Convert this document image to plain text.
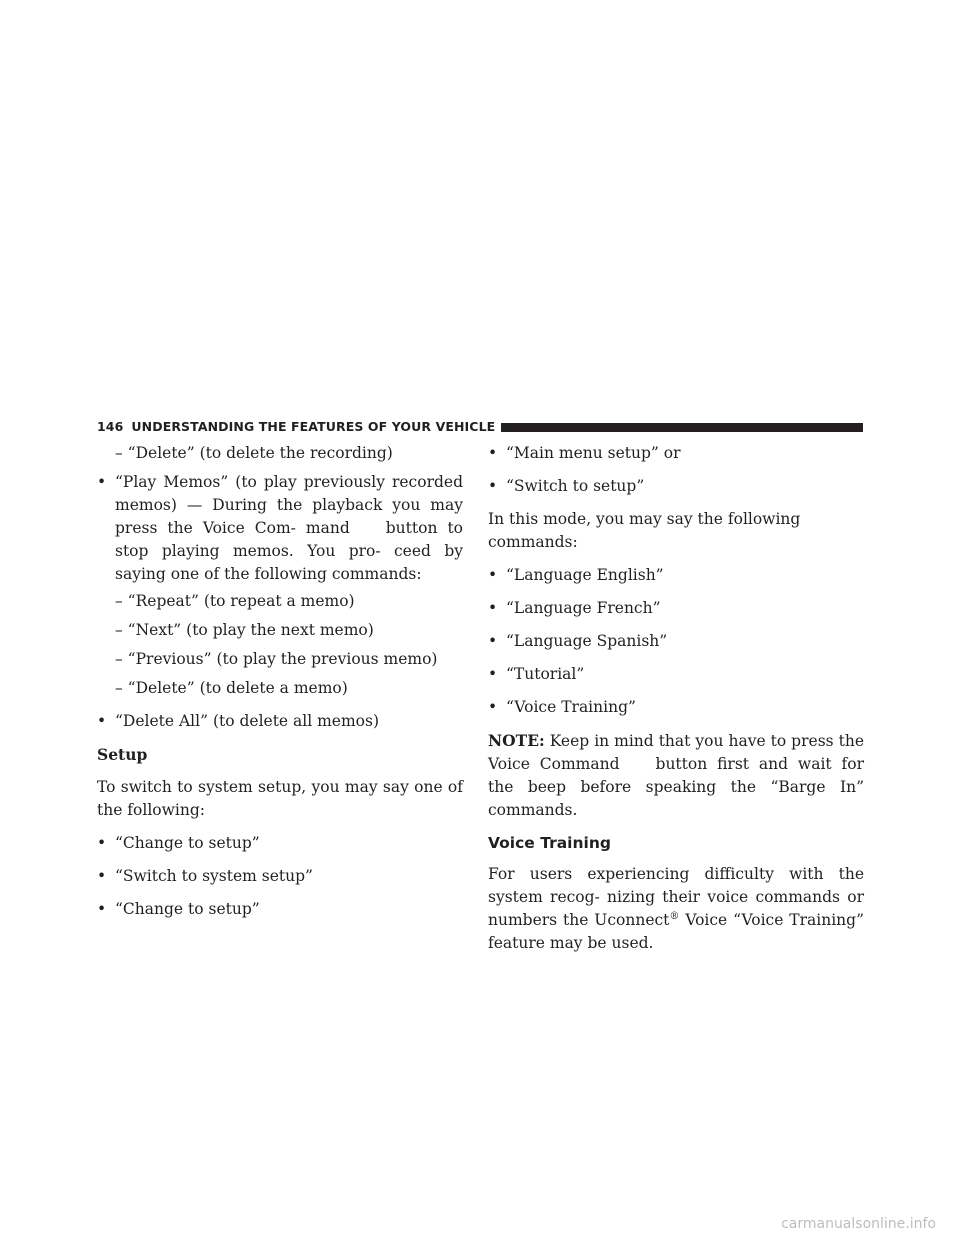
146 UNDERSTANDING THE FEATURES OF YOUR VEHICLE
– “Delete” (to delete the recording)
• “Play Memos” (to play previously recorded memos) — During the playback you may press the Voice Com- mand button to stop playing memos. You pro- ceed by saying one of the following commands:
– “Repeat” (to repeat a memo)
– “Next” (to play the next memo)
– “Previous” (to play the previous memo)
– “Delete” (to delete a memo)
• “Delete All” (to delete all memos)
Setup
To switch to system setup, you may say one of the following:
• “Change to setup”
• “Switch to system setup”
• “Change to setup”
• “Main menu setup” or
• “Switch to setup”
In this mode, you may say the following commands:
• “Language English”
• “Language French”
• “Language Spanish”
• “Tutorial”
• “Voice Training”
NOTE: Keep in mind that you have to press the Voice Command button first and wait for the beep before speaking the “Barge In” commands.
Voice Training
For users experiencing difficulty with the system recog- nizing their voice commands or numbers the Uconnect® Voice “Voice Training” feature may be used.
carmanualsonline.info
